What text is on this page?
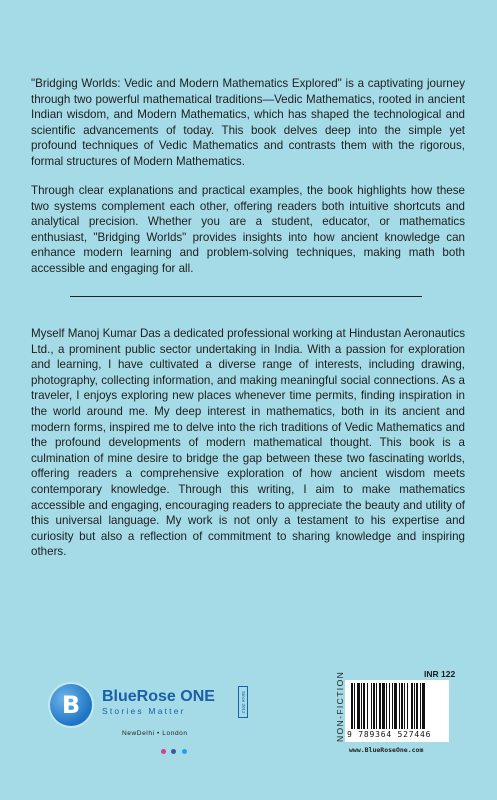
"Bridging Worlds: Vedic and Modern Mathematics Explored" is a captivating journey through two powerful mathematical traditions—Vedic Mathematics, rooted in ancient Indian wisdom, and Modern Mathematics, which has shaped the technological and scientific advancements of today. This book delves deep into the simple yet profound techniques of Vedic Mathematics and contrasts them with the rigorous, formal structures of Modern Mathematics.

Through clear explanations and practical examples, the book highlights how these two systems complement each other, offering readers both intuitive shortcuts and analytical precision. Whether you are a student, educator, or mathematics enthusiast, "Bridging Worlds" provides insights into how ancient knowledge can enhance modern learning and problem-solving techniques, making math both accessible and engaging for all.

Myself Manoj Kumar Das a dedicated professional working at Hindustan Aeronautics Ltd., a prominent public sector undertaking in India. With a passion for exploration and learning, I have cultivated a diverse range of interests, including drawing, photography, collecting information, and making meaningful social connections. As a traveler, I enjoys exploring new places whenever time permits, finding inspiration in the world around me. My deep interest in mathematics, both in its ancient and modern forms, inspired me to delve into the rich traditions of Vedic Mathematics and the profound developments of modern mathematical thought. This book is a culmination of mine desire to bridge the gap between these two fascinating worlds, offering readers a comprehensive exploration of how ancient wisdom meets contemporary knowledge. Through this writing, I aim to make mathematics accessible and engaging, encouraging readers to appreciate the beauty and utility of this universal language. My work is not only a testament to his expertise and curiosity but also a reflection of commitment to sharing knowledge and inspiring others.

B	BlueRose ONE
Stories Matter	Since 2012
NewDelhi • London

INR 122
NON-FICTION 9 789364 527446
www.BlueRoseOne.com
